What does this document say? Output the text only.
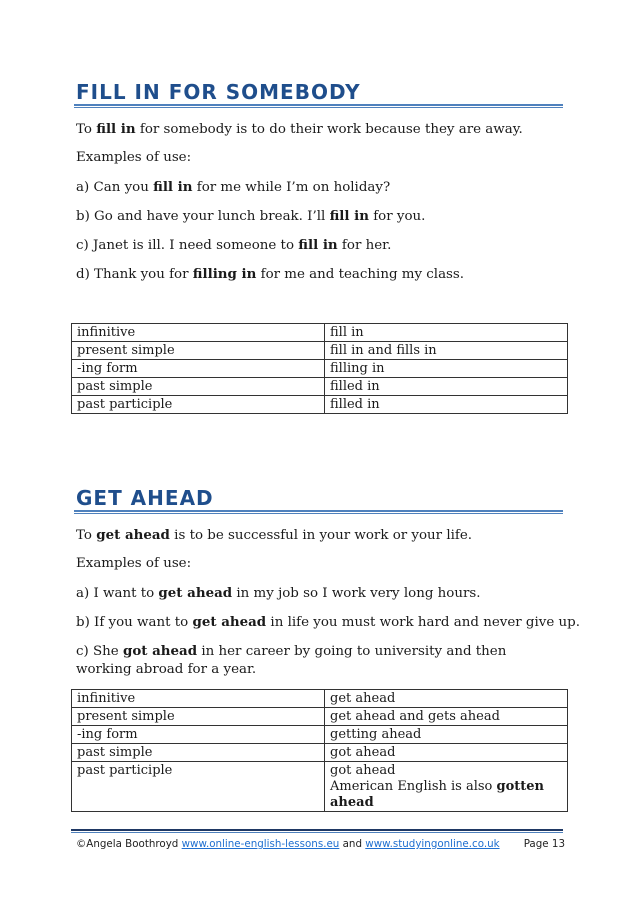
FILL IN FOR SOMEBODY

To fill in for somebody is to do their work because they are away.

Examples of use:

a) Can you fill in for me while I’m on holiday?

b) Go and have your lunch break. I’ll fill in for you.

c) Janet is ill. I need someone to fill in for her.

d) Thank you for filling in for me and teaching my class.

infinitive	fill in
present simple	fill in and fills in
-ing form	filling in
past simple	filled in
past participle	filled in
GET AHEAD

To get ahead is to be successful in your work or your life.

Examples of use:

a) I want to get ahead in my job so I work very long hours.

b) If you want to get ahead in life you must work hard and never give up.

c) She got ahead in her career by going to university and then working abroad for a year.

infinitive	get ahead
present simple	get ahead and gets ahead
-ing form	getting ahead
past simple	got ahead
past participle	got ahead
American English is also gotten ahead
©Angela Boothroyd www.online-english-lessons.eu and www.studyingonline.co.uk Page 13
